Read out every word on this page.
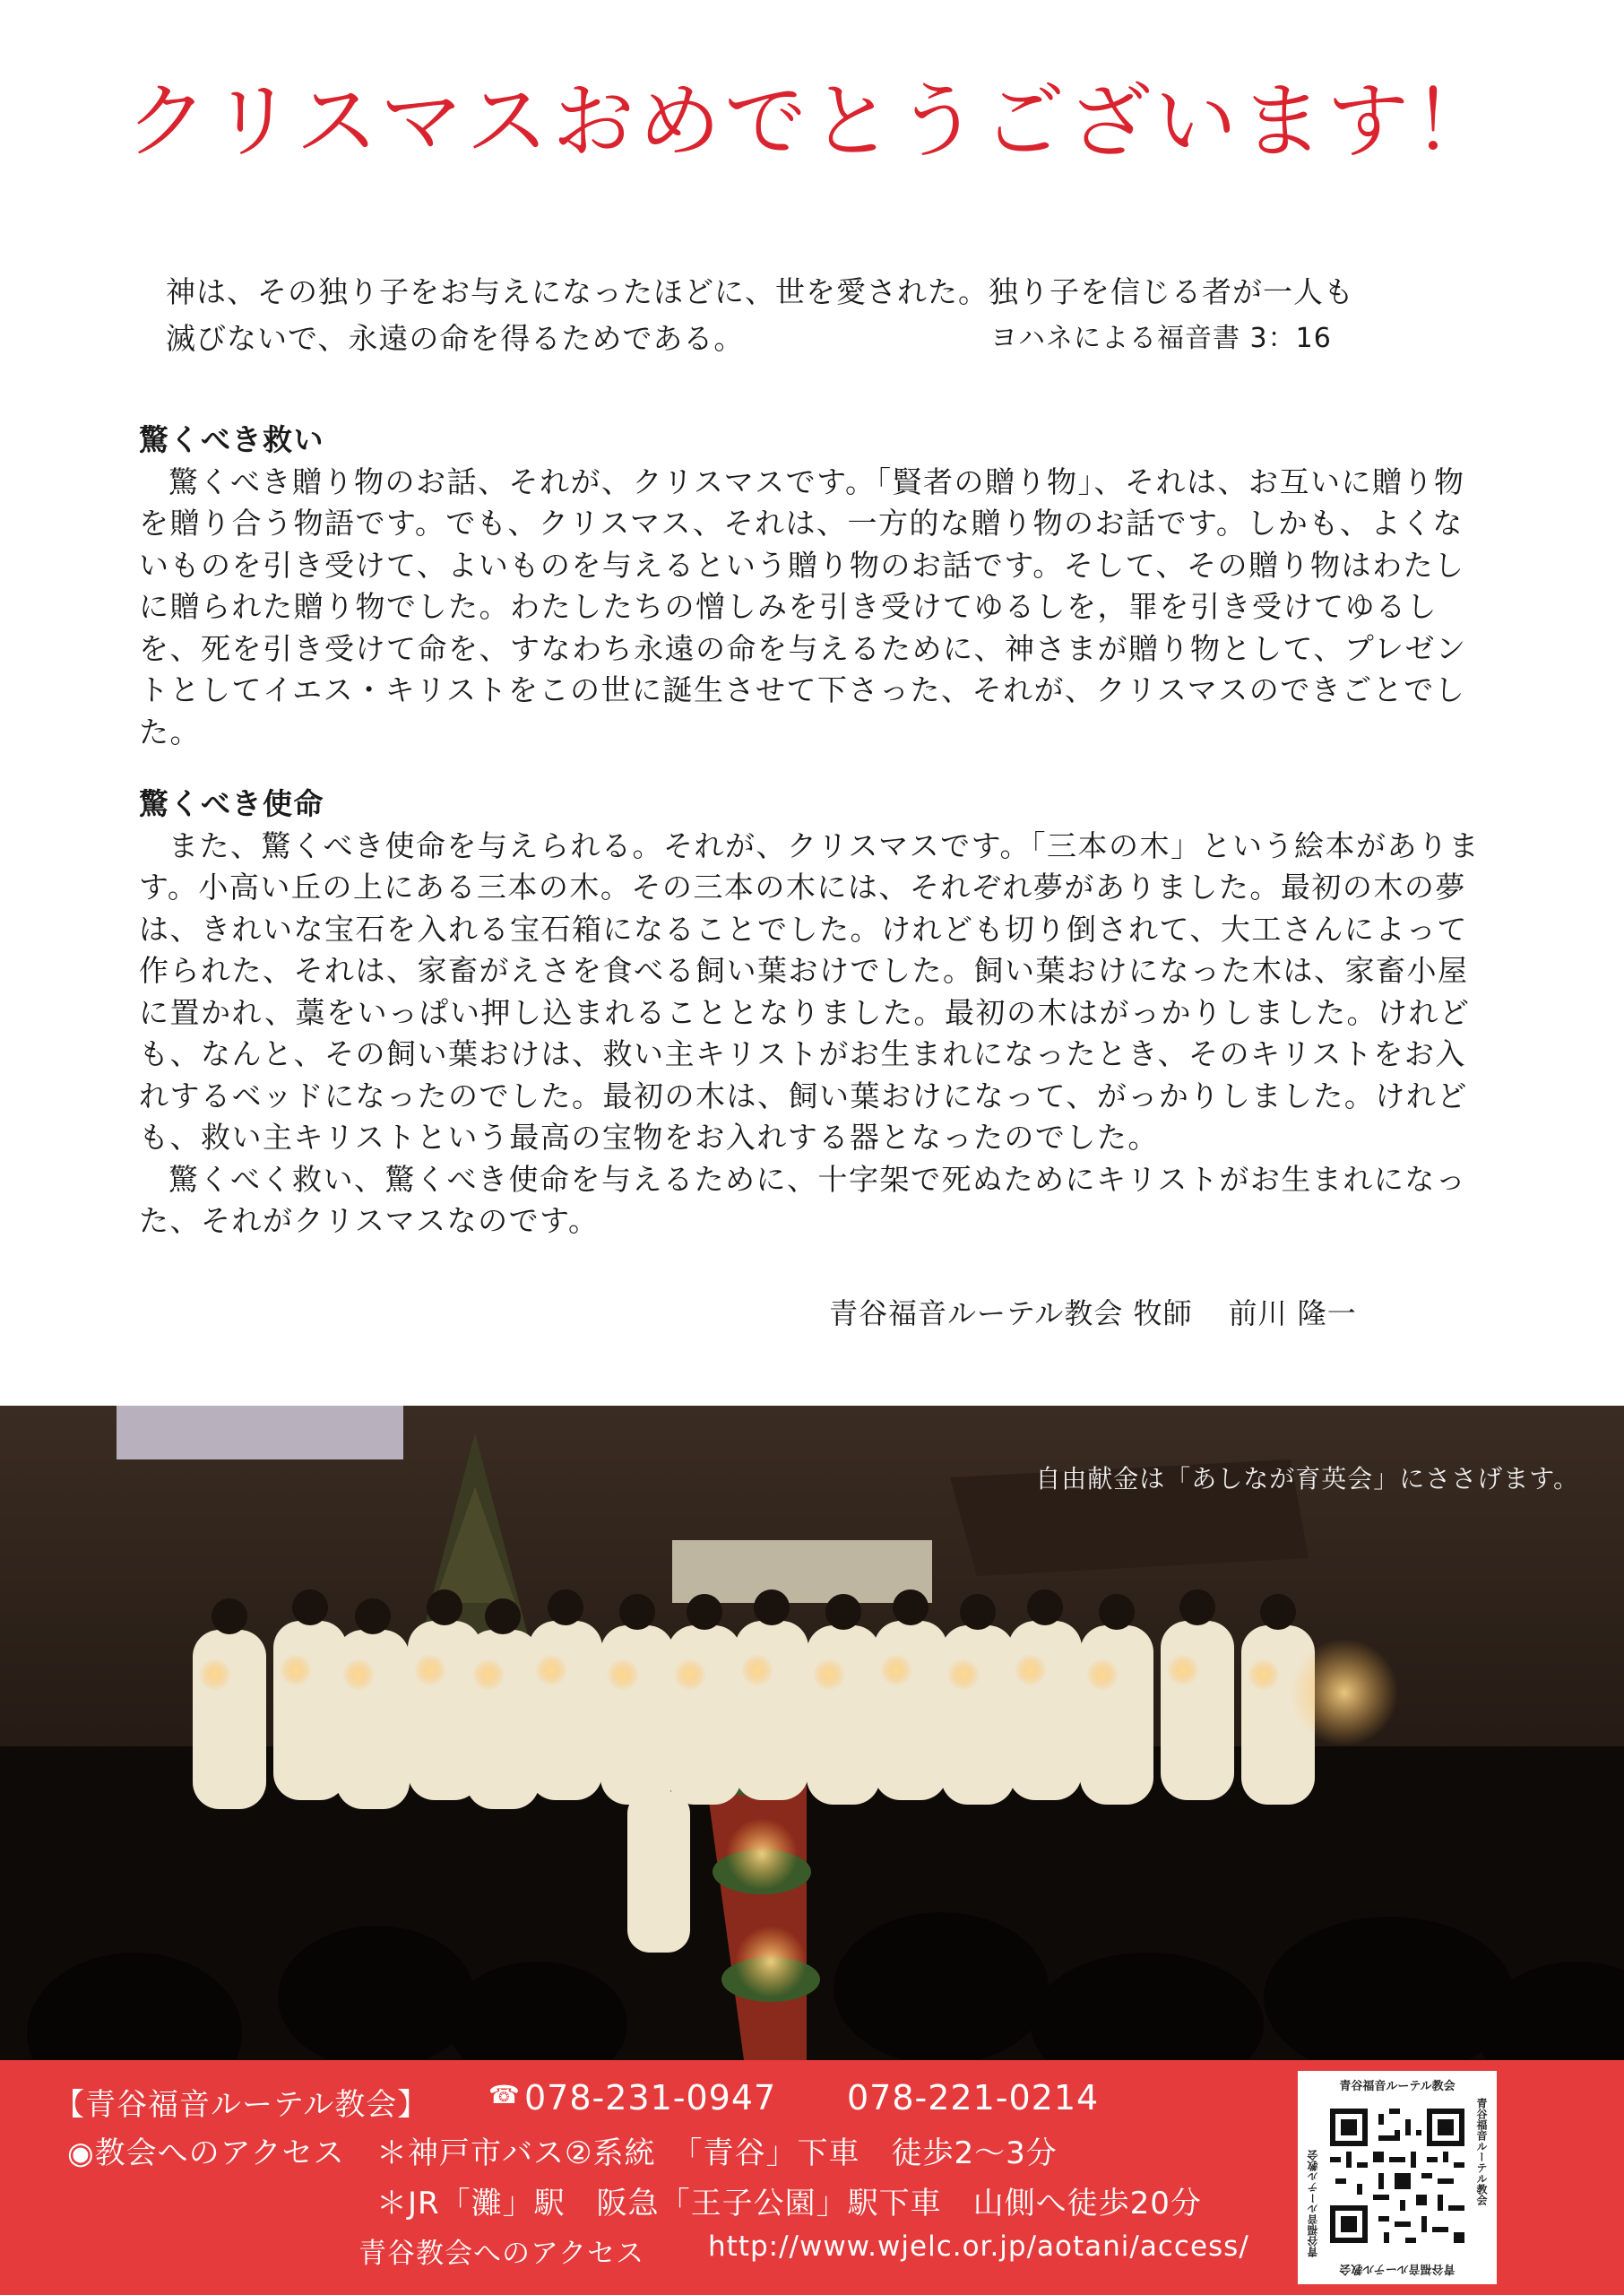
クリスマスおめでとうございます！
神は、その独り子をお与えになったほどに、世を愛された。独り子を信じる者が一人も
滅びないで、永遠の命を得るためである。	ヨハネによる福音書 3：16
驚くべき救い

驚くべき贈り物のお話、それが、クリスマスです。「賢者の贈り物」、それは、お互いに贈り物を贈り合う物語です。でも、クリスマス、それは、一方的な贈り物のお話です。しかも、よくないものを引き受けて、よいものを与えるという贈り物のお話です。そして、その贈り物はわたしに贈られた贈り物でした。わたしたちの憎しみを引き受けてゆるしを，罪を引き受けてゆるしを、死を引き受けて命を、すなわち永遠の命を与えるために、神さまが贈り物として、プレゼントとしてイエス・キリストをこの世に誕生させて下さった、それが、クリスマスのできごとでした。

驚くべき使命

また、驚くべき使命を与えられる。それが、クリスマスです。「三本の木」という絵本があります。小高い丘の上にある三本の木。その三本の木には、それぞれ夢がありました。最初の木の夢は、きれいな宝石を入れる宝石箱になることでした。けれども切り倒されて、大工さんによって作られた、それは、家畜がえさを食べる飼い葉おけでした。飼い葉おけになった木は、家畜小屋に置かれ、藁をいっぱい押し込まれることとなりました。最初の木はがっかりしました。けれども、なんと、その飼い葉おけは、救い主キリストがお生まれになったとき、そのキリストをお入れするベッドになったのでした。最初の木は、飼い葉おけになって、がっかりしました。けれども、救い主キリストという最高の宝物をお入れする器となったのでした。

驚くべく救い、驚くべき使命を与えるために、十字架で死ぬためにキリストがお生まれになった、それがクリスマスなのです。

青谷福音ルーテル教会 牧師 前川 隆一
自由献金は「あしなが育英会」にささげます。
【青谷福音ルーテル教会】 ☎ 078-231-0947 078-221-0214
◉教会へのアクセス ＊神戸市バス②系統　「青谷」下車　徒歩2～3分
＊JR「灘」駅　阪急「王子公園」駅下車　山側へ徒歩20分
青谷教会へのアクセス http://www.wjelc.or.jp/aotani/access/
青谷福音ルーテル教会
青谷福音ルーテル教会
青谷福音ルーテル教会	青谷福音ルーテル教会
